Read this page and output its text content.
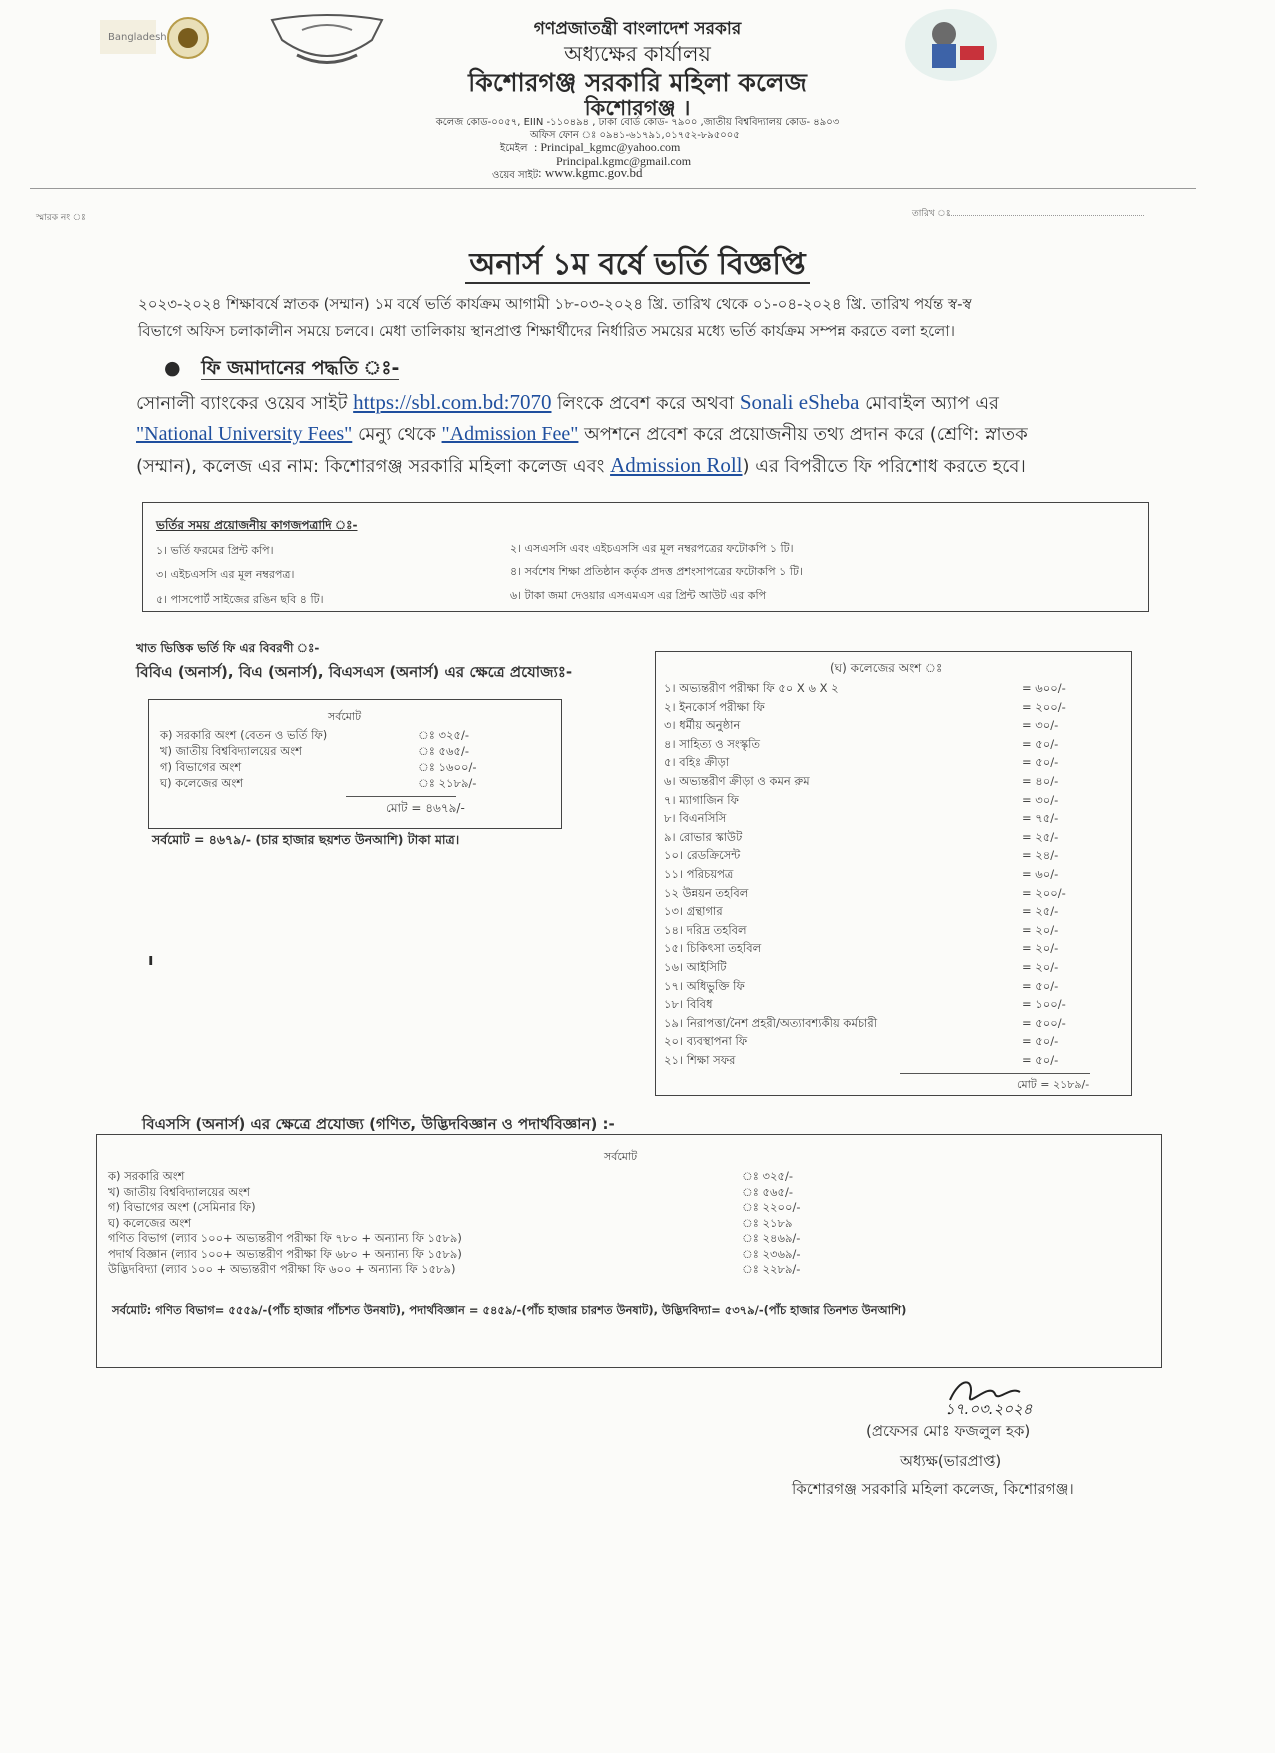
Bangladesh	গণপ্রজাতন্ত্রী বাংলাদেশ সরকার
অধ্যক্ষের কার্যালয়
কিশোরগঞ্জ সরকারি মহিলা কলেজ
কিশোরগঞ্জ ।
কলেজ কোড-০০৫৭, EIIN -১১০৪৯৪ , ঢাকা বোর্ড কোড- ৭৯০০ ,জাতীয় বিশ্ববিদ্যালয় কোড- ৪৯০৩
অফিস ফোন ঃ ০৯৪১-৬১৭৯১,০১৭৫২-৮৯৫০০৫
ইমেইল : Principal_kgmc@yahoo.com
Principal.kgmc@gmail.com
ওয়েব সাইট : www.kgmc.gov.bd
স্মারক নং ঃ	তারিখ ঃ
অনার্স ১ম বর্ষে ভর্তি বিজ্ঞপ্তি
২০২৩-২০২৪ শিক্ষাবর্ষে স্নাতক (সম্মান) ১ম বর্ষে ভর্তি কার্যক্রম আগামী ১৮-০৩-২০২৪ খ্রি. তারিখ থেকে ০১-০৪-২০২৪ খ্রি. তারিখ পর্যন্ত স্ব-স্ব
বিভাগে অফিস চলাকালীন সময়ে চলবে। মেধা তালিকায় স্থানপ্রাপ্ত শিক্ষার্থীদের নির্ধারিত সময়ের মধ্যে ভর্তি কার্যক্রম সম্পন্ন করতে বলা হলো।
● ফি জমাদানের পদ্ধতি ঃ-
সোনালী ব্যাংকের ওয়েব সাইট https://sbl.com.bd:7070 লিংকে প্রবেশ করে অথবা Sonali eSheba মোবাইল অ্যাপ এর
"National University Fees" মেন্যু থেকে "Admission Fee" অপশনে প্রবেশ করে প্রয়োজনীয় তথ্য প্রদান করে (শ্রেণি: স্নাতক
(সম্মান), কলেজ এর নাম: কিশোরগঞ্জ সরকারি মহিলা কলেজ এবং Admission Roll) এর বিপরীতে ফি পরিশোধ করতে হবে।
ভর্তির সময় প্রয়োজনীয় কাগজপত্রাদি ঃ-
১। ভর্তি ফরমের প্রিন্ট কপি।	২। এসএসসি এবং এইচএসসি এর মূল নম্বরপত্রের ফটোকপি ১ টি।
৩। এইচএসসি এর মূল নম্বরপত্র।	৪। সর্বশেষ শিক্ষা প্রতিষ্ঠান কর্তৃক প্রদত্ত প্রশংসাপত্রের ফটোকপি ১ টি।
৫। পাসপোর্ট সাইজের রঙিন ছবি ৪ টি।	৬। টাকা জমা দেওয়ার এসএমএস এর প্রিন্ট আউট এর কপি
খাত ভিত্তিক ভর্তি ফি এর বিবরণী ঃ-
বিবিএ (অনার্স), বিএ (অনার্স), বিএসএস (অনার্স) এর ক্ষেত্রে প্রযোজ্যঃ-
সর্বমোট
ক) সরকারি অংশ (বেতন ও ভর্তি ফি)	ঃ ৩২৫/-
খ) জাতীয় বিশ্ববিদ্যালয়ের অংশ	ঃ ৫৬৫/-
গ) বিভাগের অংশ	ঃ ১৬০০/-
ঘ) কলেজের অংশ	ঃ ২১৮৯/-
মোট = ৪৬৭৯/-
সর্বমোট = ৪৬৭৯/- (চার হাজার ছয়শত উনআশি) টাকা মাত্র।
ı
(ঘ) কলেজের অংশ ঃ
১। অভ্যন্তরীণ পরীক্ষা ফি ৫০ X ৬ X ২	= ৬০০/-
২। ইনকোর্স পরীক্ষা ফি	= ২০০/-
৩। ধর্মীয় অনুষ্ঠান	= ৩০/-
৪। সাহিত্য ও সংস্কৃতি	= ৫০/-
৫। বহিঃ ক্রীড়া	= ৫০/-
৬। অভ্যন্তরীণ ক্রীড়া ও কমন রুম	= ৪০/-
৭। ম্যাগাজিন ফি	= ৩০/-
৮। বিএনসিসি	= ৭৫/-
৯। রোভার স্কাউট	= ২৫/-
১০। রেডক্রিসেন্ট	= ২৪/-
১১। পরিচয়পত্র	= ৬০/-
১২ উন্নয়ন তহবিল	= ২০০/-
১৩। গ্রন্থাগার	= ২৫/-
১৪। দরিদ্র তহবিল	= ২০/-
১৫। চিকিৎসা তহবিল	= ২০/-
১৬। আইসিটি	= ২০/-
১৭। অধিভুক্তি ফি	= ৫০/-
১৮। বিবিধ	= ১০০/-
১৯। নিরাপত্তা/নৈশ প্রহরী/অত্যাবশ্যকীয় কর্মচারী	= ৫০০/-
২০। ব্যবস্থাপনা ফি	= ৫০/-
২১। শিক্ষা সফর	= ৫০/-
মোট = ২১৮৯/-
বিএসসি (অনার্স) এর ক্ষেত্রে প্রযোজ্য (গণিত, উদ্ভিদবিজ্ঞান ও পদার্থবিজ্ঞান) :-
সর্বমোট
ক) সরকারি অংশ	ঃ ৩২৫/-
খ) জাতীয় বিশ্ববিদ্যালয়ের অংশ	ঃ ৫৬৫/-
গ) বিভাগের অংশ (সেমিনার ফি)	ঃ ২২০০/-
ঘ) কলেজের অংশ	ঃ ২১৮৯
গণিত বিভাগ (ল্যাব ১০০+ অভ্যন্তরীণ পরীক্ষা ফি ৭৮০ + অন্যান্য ফি ১৫৮৯)	ঃ ২৪৬৯/-
পদার্থ বিজ্ঞান (ল্যাব ১০০+ অভ্যন্তরীণ পরীক্ষা ফি ৬৮০ + অন্যান্য ফি ১৫৮৯)	ঃ ২৩৬৯/-
উদ্ভিদবিদ্যা (ল্যাব ১০০ + অভ্যন্তরীণ পরীক্ষা ফি ৬০০ + অন্যান্য ফি ১৫৮৯)	ঃ ২২৮৯/-
সর্বমোট: গণিত বিভাগ= ৫৫৫৯/-(পাঁচ হাজার পাঁচশত উনষাট), পদার্থবিজ্ঞান = ৫৪৫৯/-(পাঁচ হাজার চারশত উনষাট), উদ্ভিদবিদ্যা= ৫৩৭৯/-(পাঁচ হাজার তিনশত উনআশি)
১৭.০৩.২০২৪
(প্রফেসর মোঃ ফজলুল হক)
অধ্যক্ষ(ভারপ্রাপ্ত)
কিশোরগঞ্জ সরকারি মহিলা কলেজ, কিশোরগঞ্জ।
